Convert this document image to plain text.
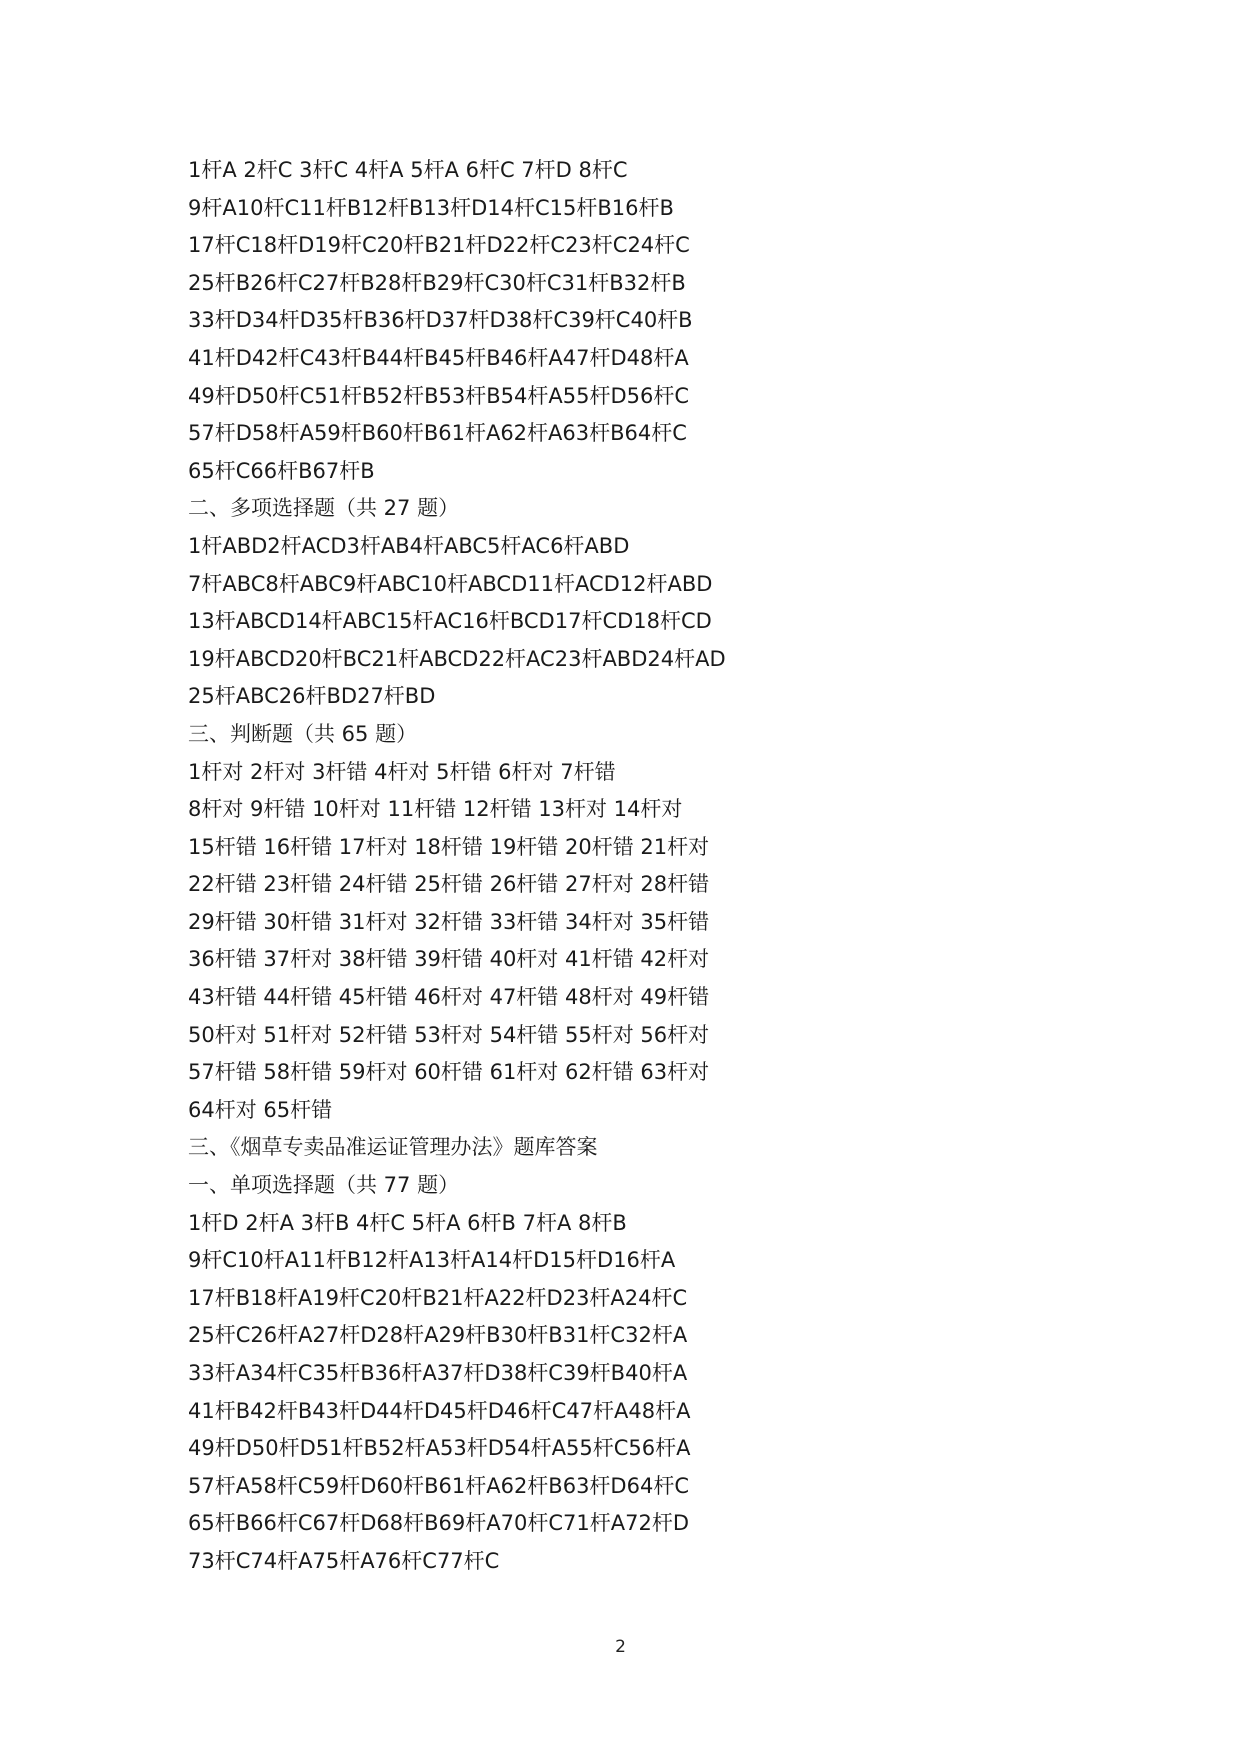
1杆A 2杆C 3杆C 4杆A 5杆A 6杆C 7杆D 8杆C
9杆A10杆C11杆B12杆B13杆D14杆C15杆B16杆B
17杆C18杆D19杆C20杆B21杆D22杆C23杆C24杆C
25杆B26杆C27杆B28杆B29杆C30杆C31杆B32杆B
33杆D34杆D35杆B36杆D37杆D38杆C39杆C40杆B
41杆D42杆C43杆B44杆B45杆B46杆A47杆D48杆A
49杆D50杆C51杆B52杆B53杆B54杆A55杆D56杆C
57杆D58杆A59杆B60杆B61杆A62杆A63杆B64杆C
65杆C66杆B67杆B
二、多项选择题（共 27 题）
1杆ABD2杆ACD3杆AB4杆ABC5杆AC6杆ABD
7杆ABC8杆ABC9杆ABC10杆ABCD11杆ACD12杆ABD
13杆ABCD14杆ABC15杆AC16杆BCD17杆CD18杆CD
19杆ABCD20杆BC21杆ABCD22杆AC23杆ABD24杆AD
25杆ABC26杆BD27杆BD
三、判断题（共 65 题）
1杆对 2杆对 3杆错 4杆对 5杆错 6杆对 7杆错
8杆对 9杆错 10杆对 11杆错 12杆错 13杆对 14杆对
15杆错 16杆错 17杆对 18杆错 19杆错 20杆错 21杆对
22杆错 23杆错 24杆错 25杆错 26杆错 27杆对 28杆错
29杆错 30杆错 31杆对 32杆错 33杆错 34杆对 35杆错
36杆错 37杆对 38杆错 39杆错 40杆对 41杆错 42杆对
43杆错 44杆错 45杆错 46杆对 47杆错 48杆对 49杆错
50杆对 51杆对 52杆错 53杆对 54杆错 55杆对 56杆对
57杆错 58杆错 59杆对 60杆错 61杆对 62杆错 63杆对
64杆对 65杆错
三、《烟草专卖品准运证管理办法》题库答案
一、单项选择题（共 77 题）
1杆D 2杆A 3杆B 4杆C 5杆A 6杆B 7杆A 8杆B
9杆C10杆A11杆B12杆A13杆A14杆D15杆D16杆A
17杆B18杆A19杆C20杆B21杆A22杆D23杆A24杆C
25杆C26杆A27杆D28杆A29杆B30杆B31杆C32杆A
33杆A34杆C35杆B36杆A37杆D38杆C39杆B40杆A
41杆B42杆B43杆D44杆D45杆D46杆C47杆A48杆A
49杆D50杆D51杆B52杆A53杆D54杆A55杆C56杆A
57杆A58杆C59杆D60杆B61杆A62杆B63杆D64杆C
65杆B66杆C67杆D68杆B69杆A70杆C71杆A72杆D
73杆C74杆A75杆A76杆C77杆C
2
